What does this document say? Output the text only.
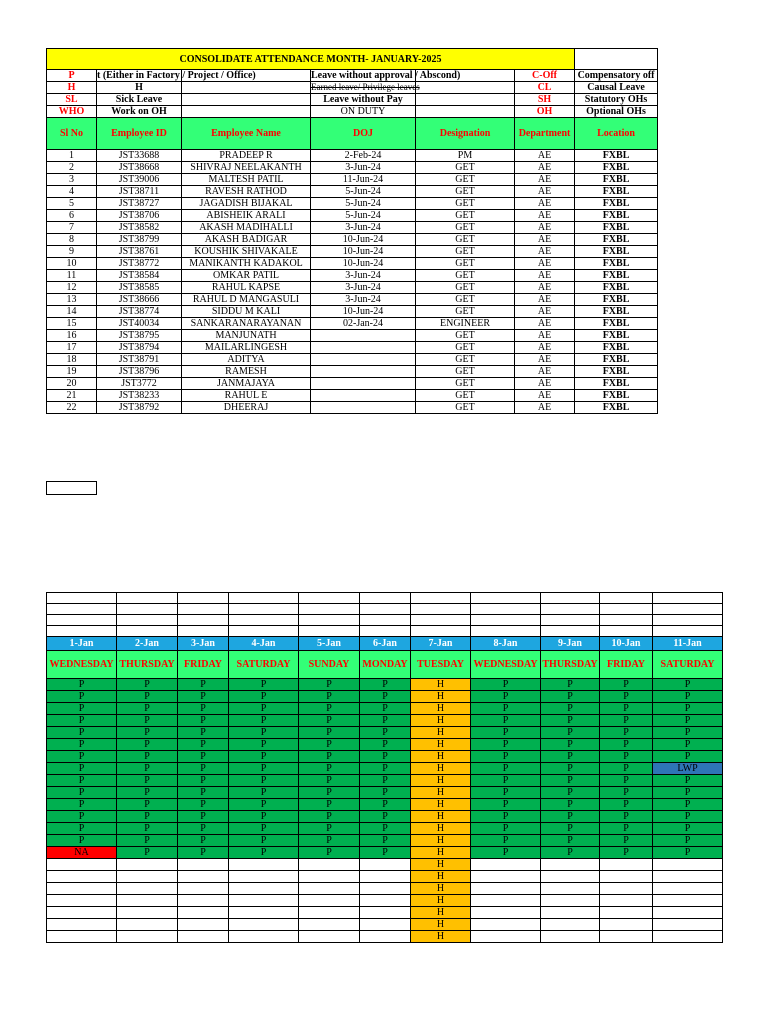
CONSOLIDATE ATTENDANCE MONTH- JANUARY-2025						
P	t (Either in Factory / Project / Office)		Leave without approval / Abscond)		C-Off	Compensatory off
H	H		Earned leave/ Privilege leaves		CL	Causal Leave
SL	Sick Leave		Leave without Pay		SH	Statutory OHs
WHO	Work on OH		ON DUTY		OH	Optional OHs
Sl No	Employee ID	Employee Name	DOJ	Designation	Department	Location
1	JST33688	PRADEEP R	2-Feb-24	PM	AE	FXBL
2	JST38668	SHIVRAJ NEELAKANTH	3-Jun-24	GET	AE	FXBL
3	JST39006	MALTESH PATIL	11-Jun-24	GET	AE	FXBL
4	JST38711	RAVESH RATHOD	5-Jun-24	GET	AE	FXBL
5	JST38727	JAGADISH BIJAKAL	5-Jun-24	GET	AE	FXBL
6	JST38706	ABISHEIK ARALI	5-Jun-24	GET	AE	FXBL
7	JST38582	AKASH MADIHALLI	3-Jun-24	GET	AE	FXBL
8	JST38799	AKASH BADIGAR	10-Jun-24	GET	AE	FXBL
9	JST38761	KOUSHIK SHIVAKALE	10-Jun-24	GET	AE	FXBL
10	JST38772	MANIKANTH KADAKOL	10-Jun-24	GET	AE	FXBL
11	JST38584	OMKAR PATIL	3-Jun-24	GET	AE	FXBL
12	JST38585	RAHUL KAPSE	3-Jun-24	GET	AE	FXBL
13	JST38666	RAHUL D MANGASULI	3-Jun-24	GET	AE	FXBL
14	JST38774	SIDDU M KALI	10-Jun-24	GET	AE	FXBL
15	JST40034	SANKARANARAYANAN	02-Jan-24	ENGINEER	AE	FXBL
16	JST38795	MANJUNATH		GET	AE	FXBL
17	JST38794	MAILARLINGESH		GET	AE	FXBL
18	JST38791	ADITYA		GET	AE	FXBL
19	JST38796	RAMESH		GET	AE	FXBL
20	JST3772	JANMAJAYA		GET	AE	FXBL
21	JST38233	RAHUL E		GET	AE	FXBL
22	JST38792	DHEERAJ		GET	AE	FXBL

1-Jan	2-Jan	3-Jan	4-Jan	5-Jan	6-Jan	7-Jan	8-Jan	9-Jan	10-Jan	11-Jan
WEDNESDAY	THURSDAY	FRIDAY	SATURDAY	SUNDAY	MONDAY	TUESDAY	WEDNESDAY	THURSDAY	FRIDAY	SATURDAY
P	P	P	P	P	P	H	P	P	P	P
P	P	P	P	P	P	H	P	P	P	P
P	P	P	P	P	P	H	P	P	P	P
P	P	P	P	P	P	H	P	P	P	P
P	P	P	P	P	P	H	P	P	P	P
P	P	P	P	P	P	H	P	P	P	P
P	P	P	P	P	P	H	P	P	P	P
P	P	P	P	P	P	H	P	P	P	LWP
P	P	P	P	P	P	H	P	P	P	P
P	P	P	P	P	P	H	P	P	P	P
P	P	P	P	P	P	H	P	P	P	P
P	P	P	P	P	P	H	P	P	P	P
P	P	P	P	P	P	H	P	P	P	P
P	P	P	P	P	P	H	P	P	P	P
NA	P	P	P	P	P	H	P	P	P	P
						H				
						H				
						H				
						H				
						H				
						H				
						H				
